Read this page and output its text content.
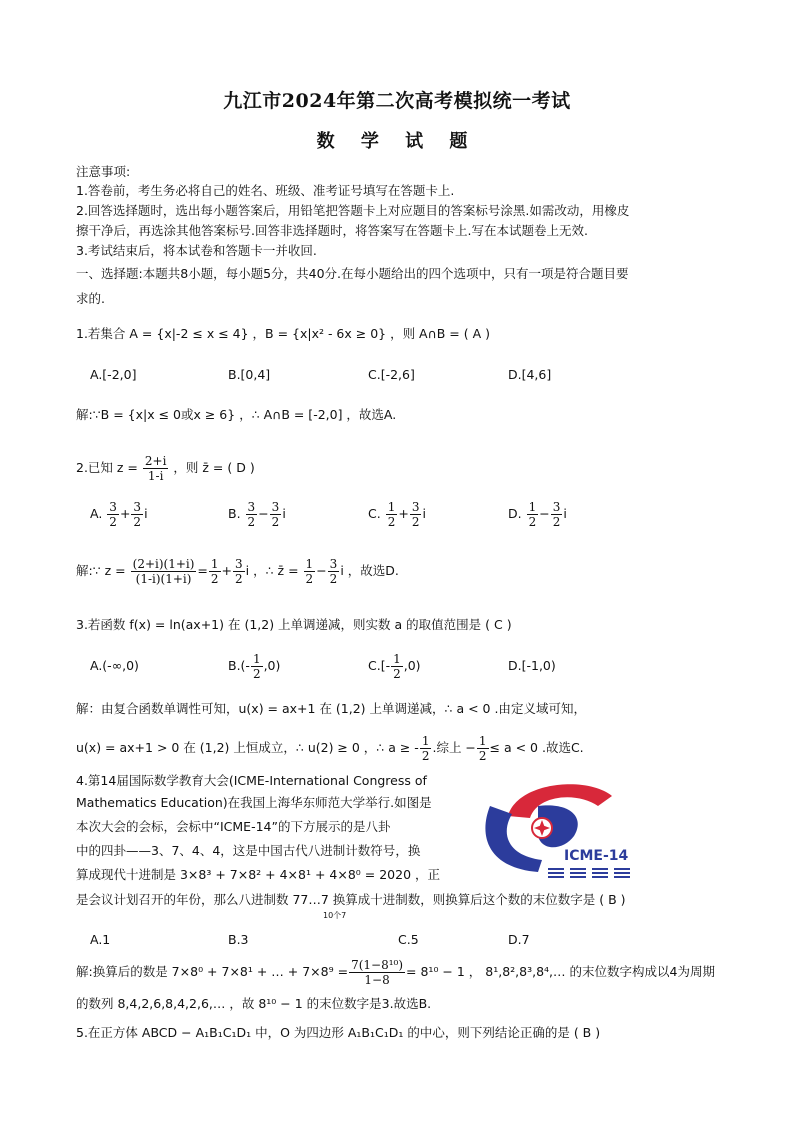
九江市2024年第二次高考模拟统一考试
数 学 试 题
注意事项:
1.答卷前，考生务必将自己的姓名、班级、准考证号填写在答题卡上.
2.回答选择题时，选出每小题答案后，用铅笔把答题卡上对应题目的答案标号涂黑.如需改动，用橡皮
擦干净后，再选涂其他答案标号.回答非选择题时，将答案写在答题卡上.写在本试题卷上无效.
3.考试结束后，将本试卷和答题卡一并收回.
一、选择题:本题共8小题，每小题5分，共40分.在每小题给出的四个选项中，只有一项是符合题目要
求的.
1.若集合 A = {x|-2 ≤ x ≤ 4} ，B = {x|x² - 6x ≥ 0} ，则 A∩B = ( A )
A.[-2,0]	B.[0,4]	C.[-2,6]	D.[4,6]
解:∵B = {x|x ≤ 0或x ≥ 6} ，∴ A∩B = [-2,0] ，故选A.
2.已知 $z = \frac{2+i}{1-i}$ ，则 z̄ = ( D )
A. $\frac{3}{2} + \frac{3}{2}$ i	B. $\frac{3}{2} - \frac{3}{2}$ i	C. $\frac{1}{2} + \frac{3}{2}$ i	D. $\frac{1}{2} - \frac{3}{2}$ i
解:∵ $z = \frac{(2+i)(1+i)}{(1-i)(1+i)} = \frac{1}{2} + \frac{3}{2}$ i ，∴ z̄ = $\frac{1}{2} - \frac{3}{2}$ i ，故选D.
3.若函数 f(x) = ln(ax+1) 在 (1,2) 上单调递减，则实数 a 的取值范围是 ( C )
A.(-∞,0)	$B.(- \frac{1}{2} ,0)$	$C.[- \frac{1}{2} ,0)$	D.[-1,0)
解：由复合函数单调性可知，u(x) = ax+1 在 (1,2) 上单调递减，∴ a < 0 .由定义域可知，
u(x) = ax+1 > 0 在 (1,2) 上恒成立，∴ u(2) ≥ 0 ，∴ a ≥ - $\frac{1}{2}$ .综上 − $\frac{1}{2} \le a < 0$ .故选C.
4.第14届国际数学教育大会(ICME-International Congress of
Mathematics Education)在我国上海华东师范大学举行.如图是
本次大会的会标，会标中“ICME-14”的下方展示的是八卦
中的四卦——3、7、4、4，这是中国古代八进制计数符号，换
算成现代十进制是 3×8³ + 7×8² + 4×8¹ + 4×8⁰ = 2020 ，正
是会议计划召开的年份，那么八进制数 77…7 换算成十进制数，则换算后这个数的末位数字是 ( B )
10个7
ICME-14
A.1	B.3	C.5	D.7
解:换算后的数是 7×8⁰ + 7×8¹ + … + $7\times 8^9 = \frac{\text{7(1−8¹⁰)}}{1-8} = 8^{10} - 1$ ， 8¹,8²,8³,8⁴,… 的末位数字构成以4为周期
的数列 8,4,2,6,8,4,2,6,… ，故 8¹⁰ − 1 的末位数字是3.故选B.
5.在正方体 ABCD − A₁B₁C₁D₁ 中，O 为四边形 A₁B₁C₁D₁ 的中心，则下列结论正确的是 ( B )
